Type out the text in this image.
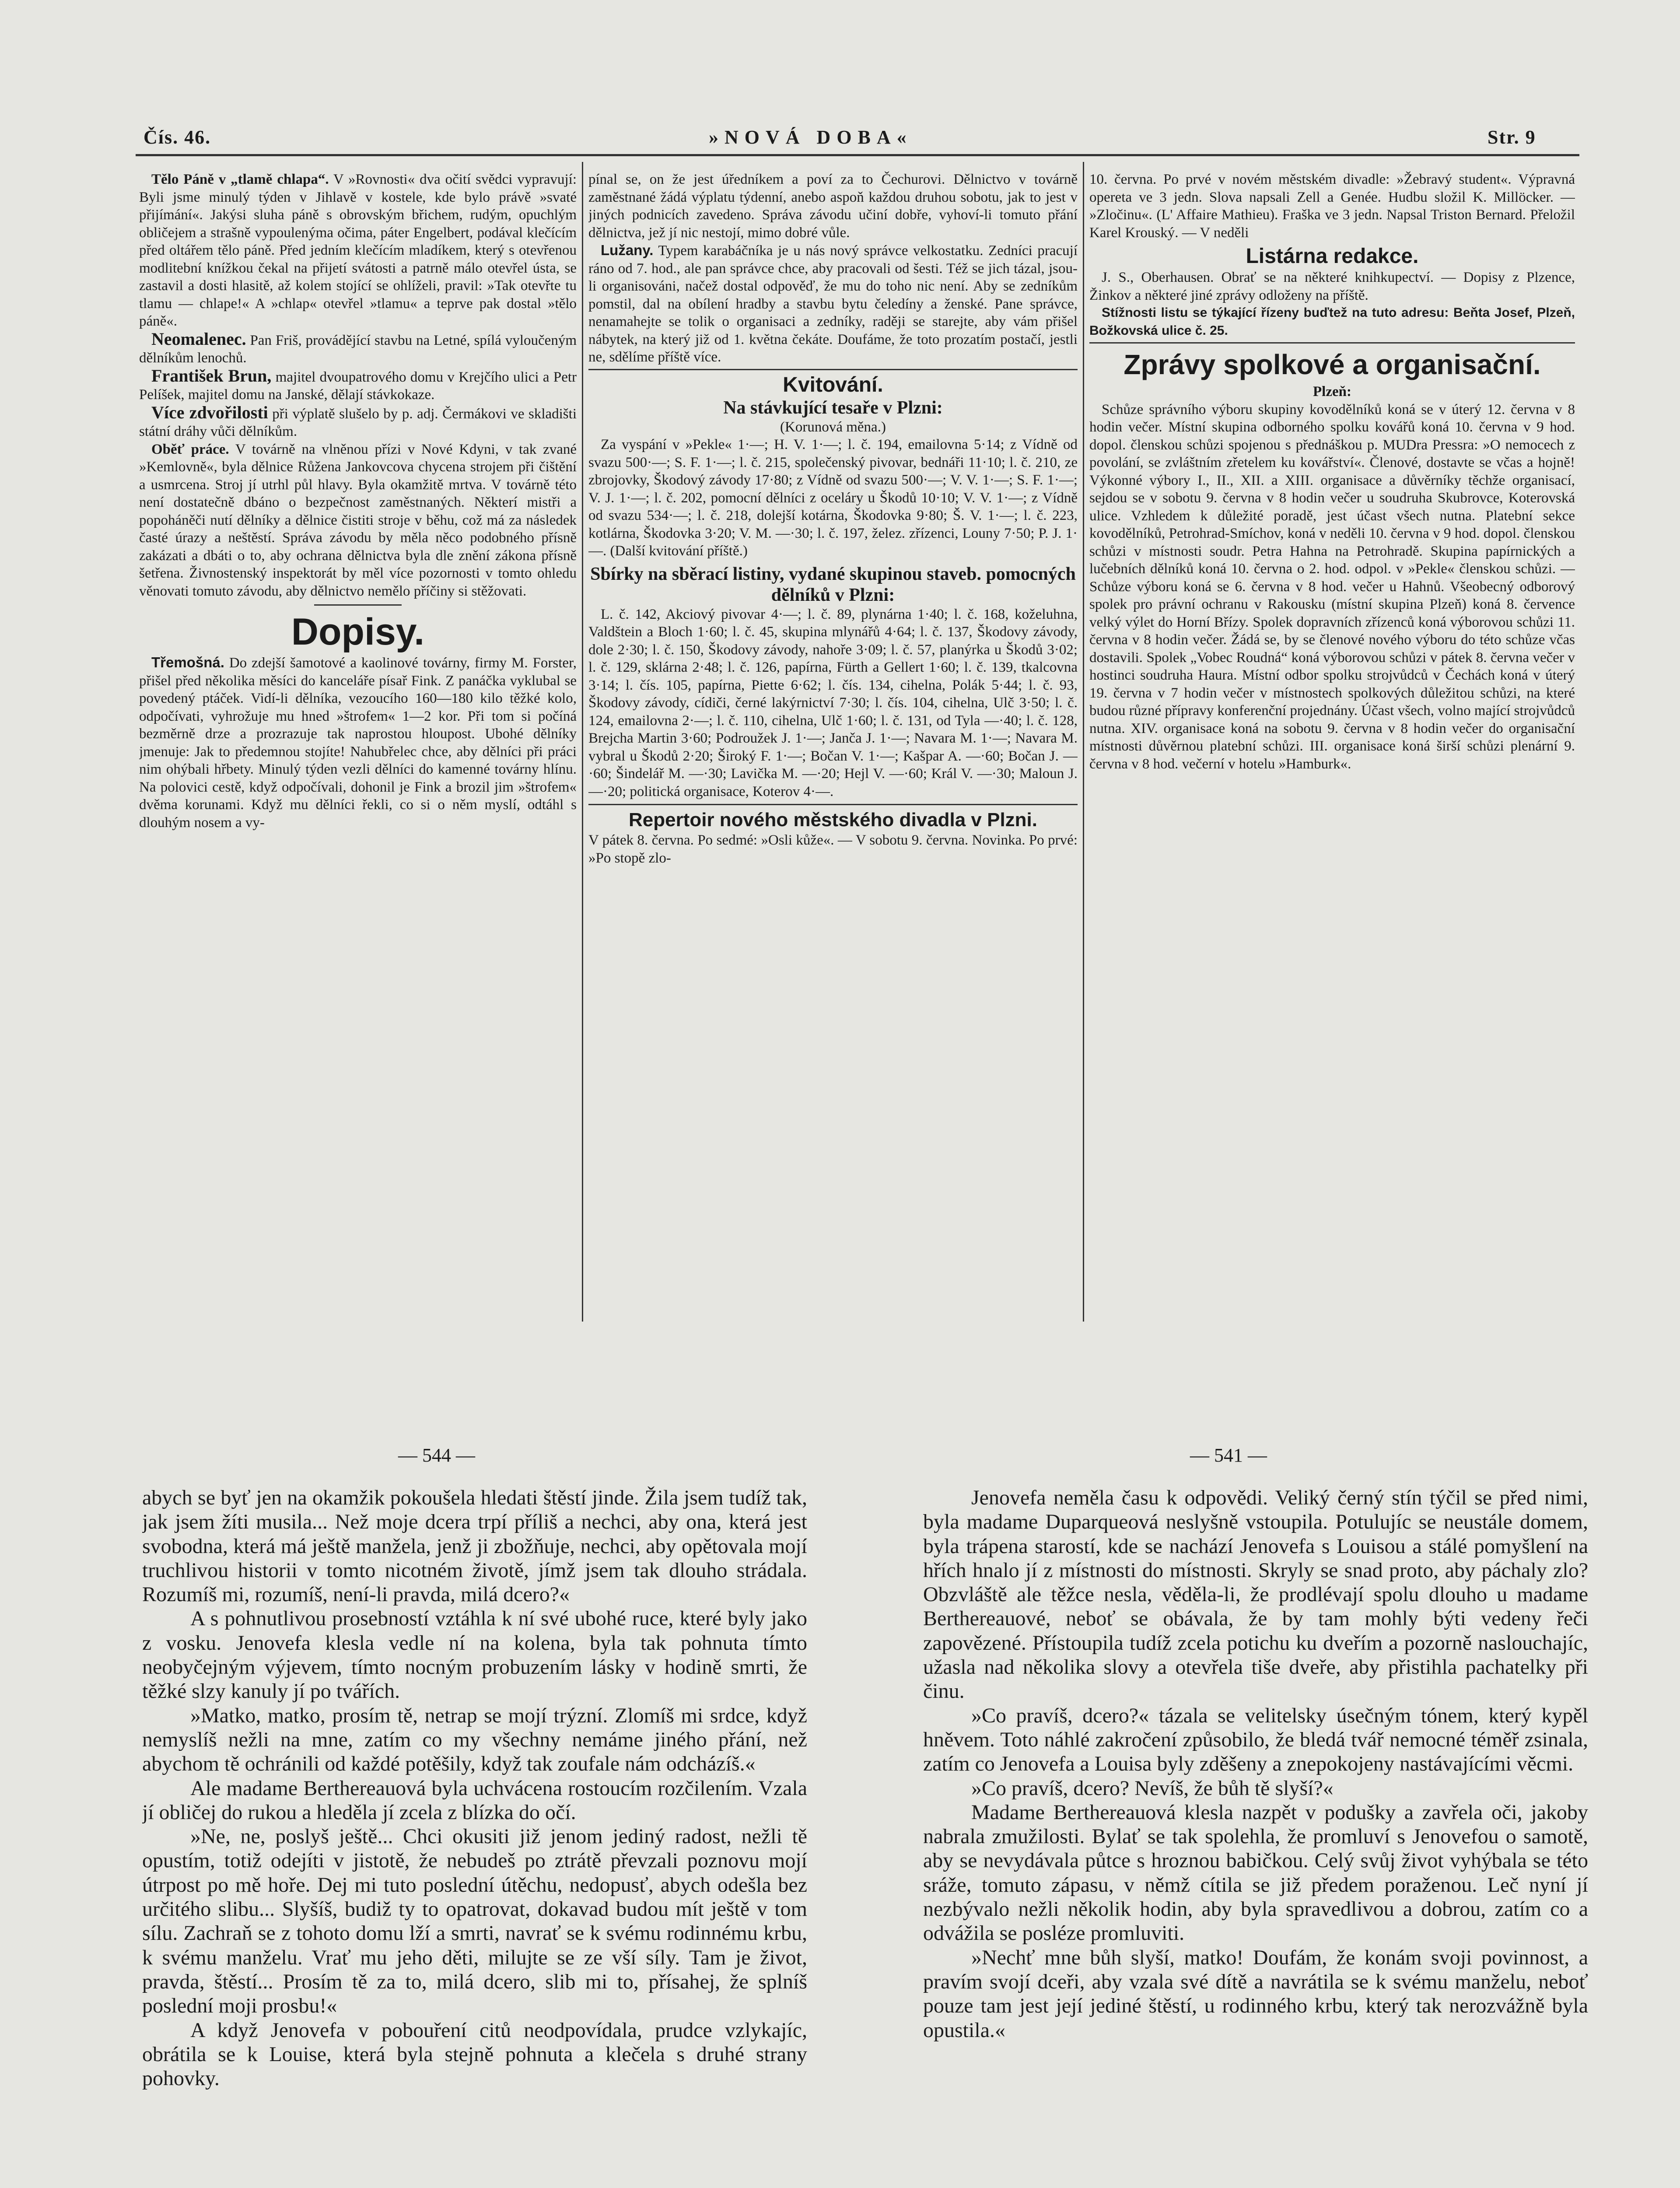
Čís. 46.	»NOVÁ DOBA«	Str. 9

Tělo Páně v „tlamě chlapa“. V »Rovnosti« dva očití svědci vypravují: Byli jsme minulý týden v Jihlavě v kostele, kde bylo právě »svaté přijímání«. Jakýsi sluha páně s obrovským břichem, rudým, opuchlým obličejem a strašně vypoulenýma očima, páter Engelbert, podával klečícím před oltářem tělo páně. Před jedním klečícím mladíkem, který s otevřenou modlitební knížkou čekal na přijetí svátosti a patrně málo otevřel ústa, se zastavil a dosti hlasitě, až kolem stojící se ohlíželi, pravil: »Tak otevřte tu tlamu — chlape!« A »chlap« otevřel »tlamu« a teprve pak dostal »tělo páně«.

Neomalenec. Pan Friš, provádějící stavbu na Letné, spílá vyloučeným dělníkům lenochů.

František Brun, majitel dvoupatrového domu v Krejčího ulici a Petr Pelíšek, majitel domu na Janské, dělají stávkokaze.

Více zdvořilosti při výplatě slušelo by p. adj. Čermákovi ve skladišti státní dráhy vůči dělníkům.

Oběť práce. V továrně na vlněnou přízi v Nové Kdyni, v tak zvané »Kemlovně«, byla dělnice Růžena Jankovcova chycena strojem při čištění a usmrcena. Stroj jí utrhl půl hlavy. Byla okamžitě mrtva. V továrně této není dostatečně dbáno o bezpečnost zaměstnaných. Některí mistři a popoháněči nutí dělníky a dělnice čistiti stroje v běhu, což má za následek časté úrazy a neštěstí. Správa závodu by měla něco podobného přísně zakázati a dbáti o to, aby ochrana dělnictva byla dle znění zákona přísně šetřena. Živnostenský inspektorát by měl více pozornosti v tomto ohledu věnovati tomuto závodu, aby dělnictvo nemělo příčiny si stěžovati.

Dopisy.

Třemošná. Do zdejší šamotové a kaolinové továrny, firmy M. Forster, přišel před několika měsíci do kanceláře písař Fink. Z panáčka vyklubal se povedený ptáček. Vidí-li dělníka, vezoucího 160—180 kilo těžké kolo, odpočívati, vyhrožuje mu hned »štrofem« 1—2 kor. Při tom si počíná bezměrně drze a prozrazuje tak naprostou hloupost. Ubohé dělníky jmenuje: Jak to předemnou stojíte! Nahubřelec chce, aby dělníci při práci nim ohýbali hřbety. Minulý týden vezli dělníci do kamenné továrny hlínu. Na polovici cestě, když odpočívali, dohonil je Fink a brozil jim »štrofem« dvěma korunami. Když mu dělníci řekli, co si o něm myslí, odtáhl s dlouhým nosem a vy-

pínal se, on že jest úředníkem a poví za to Čechurovi. Dělnictvo v továrně zaměstnané žádá výplatu týdenní, anebo aspoň každou druhou sobotu, jak to jest v jiných podnicích zavedeno. Správa závodu učiní dobře, vyhoví-li tomuto přání dělnictva, jež jí nic nestojí, mimo dobré vůle.

Lužany. Typem karabáčníka je u nás nový správce velkostatku. Zedníci pracují ráno od 7. hod., ale pan správce chce, aby pracovali od šesti. Též se jich tázal, jsou-li organisováni, načež dostal odpověď, že mu do toho nic není. Aby se zedníkům pomstil, dal na obílení hradby a stavbu bytu čeledíny a ženské. Pane správce, nenamahejte se tolik o organisaci a zedníky, raději se starejte, aby vám přišel nábytek, na který již od 1. května čekáte. Doufáme, že toto prozatím postačí, jestli ne, sdělíme příště více.

Kvitování.
Na stávkující tesaře v Plzni:

(Korunová měna.)

Za vyspání v »Pekle« 1·—; H. V. 1·—; l. č. 194, emailovna 5·14; z Vídně od svazu 500·—; S. F. 1·—; l. č. 215, společenský pivovar, bednáři 11·10; l. č. 210, ze zbrojovky, Škodový závody 17·80; z Vídně od svazu 500·—; V. V. 1·—; S. F. 1·—; V. J. 1·—; l. č. 202, pomocní dělníci z oceláry u Škodů 10·10; V. V. 1·—; z Vídně od svazu 534·—; l. č. 218, dolejší kotárna, Škodovka 9·80; Š. V. 1·—; l. č. 223, kotlárna, Škodovka 3·20; V. M. —·30; l. č. 197, želez. zřízenci, Louny 7·50; P. J. 1·—. (Další kvitování příště.)

Sbírky na sběrací listiny, vydané skupinou staveb. pomocných dělníků v Plzni:

L. č. 142, Akciový pivovar 4·—; l. č. 89, plynárna 1·40; l. č. 168, koželuhna, Valdštein a Bloch 1·60; l. č. 45, skupina mlynářů 4·64; l. č. 137, Škodovy závody, dole 2·30; l. č. 150, Škodovy závody, nahoře 3·09; l. č. 57, planýrka u Škodů 3·02; l. č. 129, sklárna 2·48; l. č. 126, papírna, Fürth a Gellert 1·60; l. č. 139, tkalcovna 3·14; l. čís. 105, papírna, Piette 6·62; l. čís. 134, cihelna, Polák 5·44; l. č. 93, Škodovy závody, cídiči, černé lakýrnictví 7·30; l. čís. 104, cihelna, Ulč 3·50; l. č. 124, emailovna 2·—; l. č. 110, cihelna, Ulč 1·60; l. č. 131, od Tyla —·40; l. č. 128, Brejcha Martin 3·60; Podroužek J. 1·—; Janča J. 1·—; Navara M. 1·—; Navara M. vybral u Škodů 2·20; Široký F. 1·—; Bočan V. 1·—; Kašpar A. —·60; Bočan J. —·60; Šindelář M. —·30; Lavička M. —·20; Hejl V. —·60; Král V. —·30; Maloun J. —·20; politická organisace, Koterov 4·—.

Repertoir nového městského divadla v Plzni.

V pátek 8. června. Po sedmé: »Osli kůže«. — V sobotu 9. června. Novinka. Po prvé: »Po stopě zlo-

10. června. Po prvé v novém městském divadle: »Žebravý student«. Výpravná opereta ve 3 jedn. Slova napsali Zell a Genée. Hudbu složil K. Millöcker. — »Zločinu«. (L' Affaire Mathieu). Fraška ve 3 jedn. Napsal Triston Bernard. Přeložil Karel Krouský. — V neděli

Listárna redakce.

J. S., Oberhausen. Obrať se na některé knihkupectví. — Dopisy z Plzence, Žinkov a některé jiné zprávy odloženy na příště.

Stížnosti listu se týkající řízeny buďtež na tuto adresu: Beňta Josef, Plzeň, Božkovská ulice č. 25.

Zprávy spolkové a organisační.

Plzeň:

Schůze správního výboru skupiny kovodělníků koná se v úterý 12. června v 8 hodin večer. Místní skupina odborného spolku kovářů koná 10. června v 9 hod. dopol. členskou schůzi spojenou s přednáškou p. MUDra Pressra: »O nemocech z povolání, se zvláštním zřetelem ku kovářství«. Členové, dostavte se včas a hojně! Výkonné výbory I., II., XII. a XIII. organisace a důvěrníky těchže organisací, sejdou se v sobotu 9. června v 8 hodin večer u soudruha Skubrovce, Koterovská ulice. Vzhledem k důležité poradě, jest účast všech nutna. Platební sekce kovodělníků, Petrohrad-Smíchov, koná v neděli 10. června v 9 hod. dopol. členskou schůzi v místnosti soudr. Petra Hahna na Petrohradě. Skupina papírnických a lučebních dělníků koná 10. června o 2. hod. odpol. v »Pekle« členskou schůzi. — Schůze výboru koná se 6. června v 8 hod. večer u Hahnů. Všeobecný odborový spolek pro právní ochranu v Rakousku (místní skupina Plzeň) koná 8. července velký výlet do Horní Břízy. Spolek dopravních zřízenců koná výborovou schůzi 11. června v 8 hodin večer. Žádá se, by se členové nového výboru do této schůze včas dostavili. Spolek „Vobec Roudná“ koná výborovou schůzi v pátek 8. června večer v hostinci soudruha Haura. Místní odbor spolku strojvůdců v Čechách koná v úterý 19. června v 7 hodin večer v místnostech spolkových důležitou schůzi, na které budou různé přípravy konferenční projednány. Účast všech, volno mající strojvůdců nutna. XIV. organisace koná na sobotu 9. června v 8 hodin večer do organisační místnosti důvěrnou platební schůzi. III. organisace koná širší schůzi plenární 9. června v 8 hod. večerní v hotelu »Hamburk«.

— 544 —	— 541 —

abych se byť jen na okamžik pokoušela hledati štěstí jinde. Žila jsem tudíž tak, jak jsem žíti musila... Než moje dcera trpí příliš a nechci, aby ona, která jest svobodna, která má ještě manžela, jenž ji zbožňuje, nechci, aby opětovala mojí truchlivou historii v tomto nicotném životě, jímž jsem tak dlouho strádala. Rozumíš mi, rozumíš, není-li pravda, milá dcero?«

A s pohnutlivou prosebností vztáhla k ní své ubohé ruce, které byly jako z vosku. Jenovefa klesla vedle ní na kolena, byla tak pohnuta tímto neobyčejným výjevem, tímto nocným probuzením lásky v hodině smrti, že těžké slzy kanuly jí po tvářích.

»Matko, matko, prosím tě, netrap se mojí trýzní. Zlomíš mi srdce, když nemyslíš nežli na mne, zatím co my všechny nemáme jiného přání, než abychom tě ochránili od každé potěšily, když tak zoufale nám odcházíš.«

Ale madame Berthereauová byla uchvácena rostoucím rozčilením. Vzala jí obličej do rukou a hleděla jí zcela z blízka do očí.

»Ne, ne, poslyš ještě... Chci okusiti již jenom jediný radost, nežli tě opustím, totiž odejíti v jistotě, že nebudeš po ztrátě převzali poznovu mojí útrpost po mě hoře. Dej mi tuto poslední útěchu, nedopusť, abych odešla bez určitého slibu... Slyšíš, budiž ty to opatrovat, dokavad budou mít ještě v tom sílu. Zachraň se z tohoto domu lží a smrti, navrať se k svému rodinnému krbu, k svému manželu. Vrať mu jeho děti, milujte se ze vší síly. Tam je život, pravda, štěstí... Prosím tě za to, milá dcero, slib mi to, přísahej, že splníš poslední moji prosbu!«

A když Jenovefa v pobouření citů neodpovídala, prudce vzlykajíc, obrátila se k Louise, která byla stejně pohnuta a klečela s druhé strany pohovky.

Jenovefa neměla času k odpovědi. Veliký černý stín týčil se před nimi, byla madame Duparqueová neslyšně vstoupila. Potulujíc se neustále domem, byla trápena starostí, kde se nachází Jenovefa s Louisou a stálé pomyšlení na hřích hnalo jí z místnosti do místnosti. Skryly se snad proto, aby páchaly zlo? Obzvláště ale těžce nesla, věděla-li, že prodlévají spolu dlouho u madame Berthereauové, neboť se obávala, že by tam mohly býti vedeny řeči zapovězené. Přístoupila tudíž zcela potichu ku dveřím a pozorně naslouchajíc, užasla nad několika slovy a otevřela tiše dveře, aby přistihla pachatelky při činu.

»Co pravíš, dcero?« tázala se velitelsky úsečným tónem, který kypěl hněvem. Toto náhlé zakročení způsobilo, že bledá tvář nemocné téměř zsinala, zatím co Jenovefa a Louisa byly zděšeny a znepokojeny nastávajícími věcmi.

»Co pravíš, dcero? Nevíš, že bůh tě slyší?«

Madame Berthereauová klesla nazpět v podušky a zavřela oči, jakoby nabrala zmužilosti. Bylať se tak spolehla, že promluví s Jenovefou o samotě, aby se nevydávala půtce s hroznou babičkou. Celý svůj život vyhýbala se této sráže, tomuto zápasu, v němž cítila se již předem poraženou. Leč nyní jí nezbývalo nežli několik hodin, aby byla spravedlivou a dobrou, zatím co a odvážila se posléze promluviti.

»Nechť mne bůh slyší, matko! Doufám, že konám svoji povinnost, a pravím svojí dceři, aby vzala své dítě a navrátila se k svému manželu, neboť pouze tam jest její jediné štěstí, u rodinného krbu, který tak nerozvážně byla opustila.«
